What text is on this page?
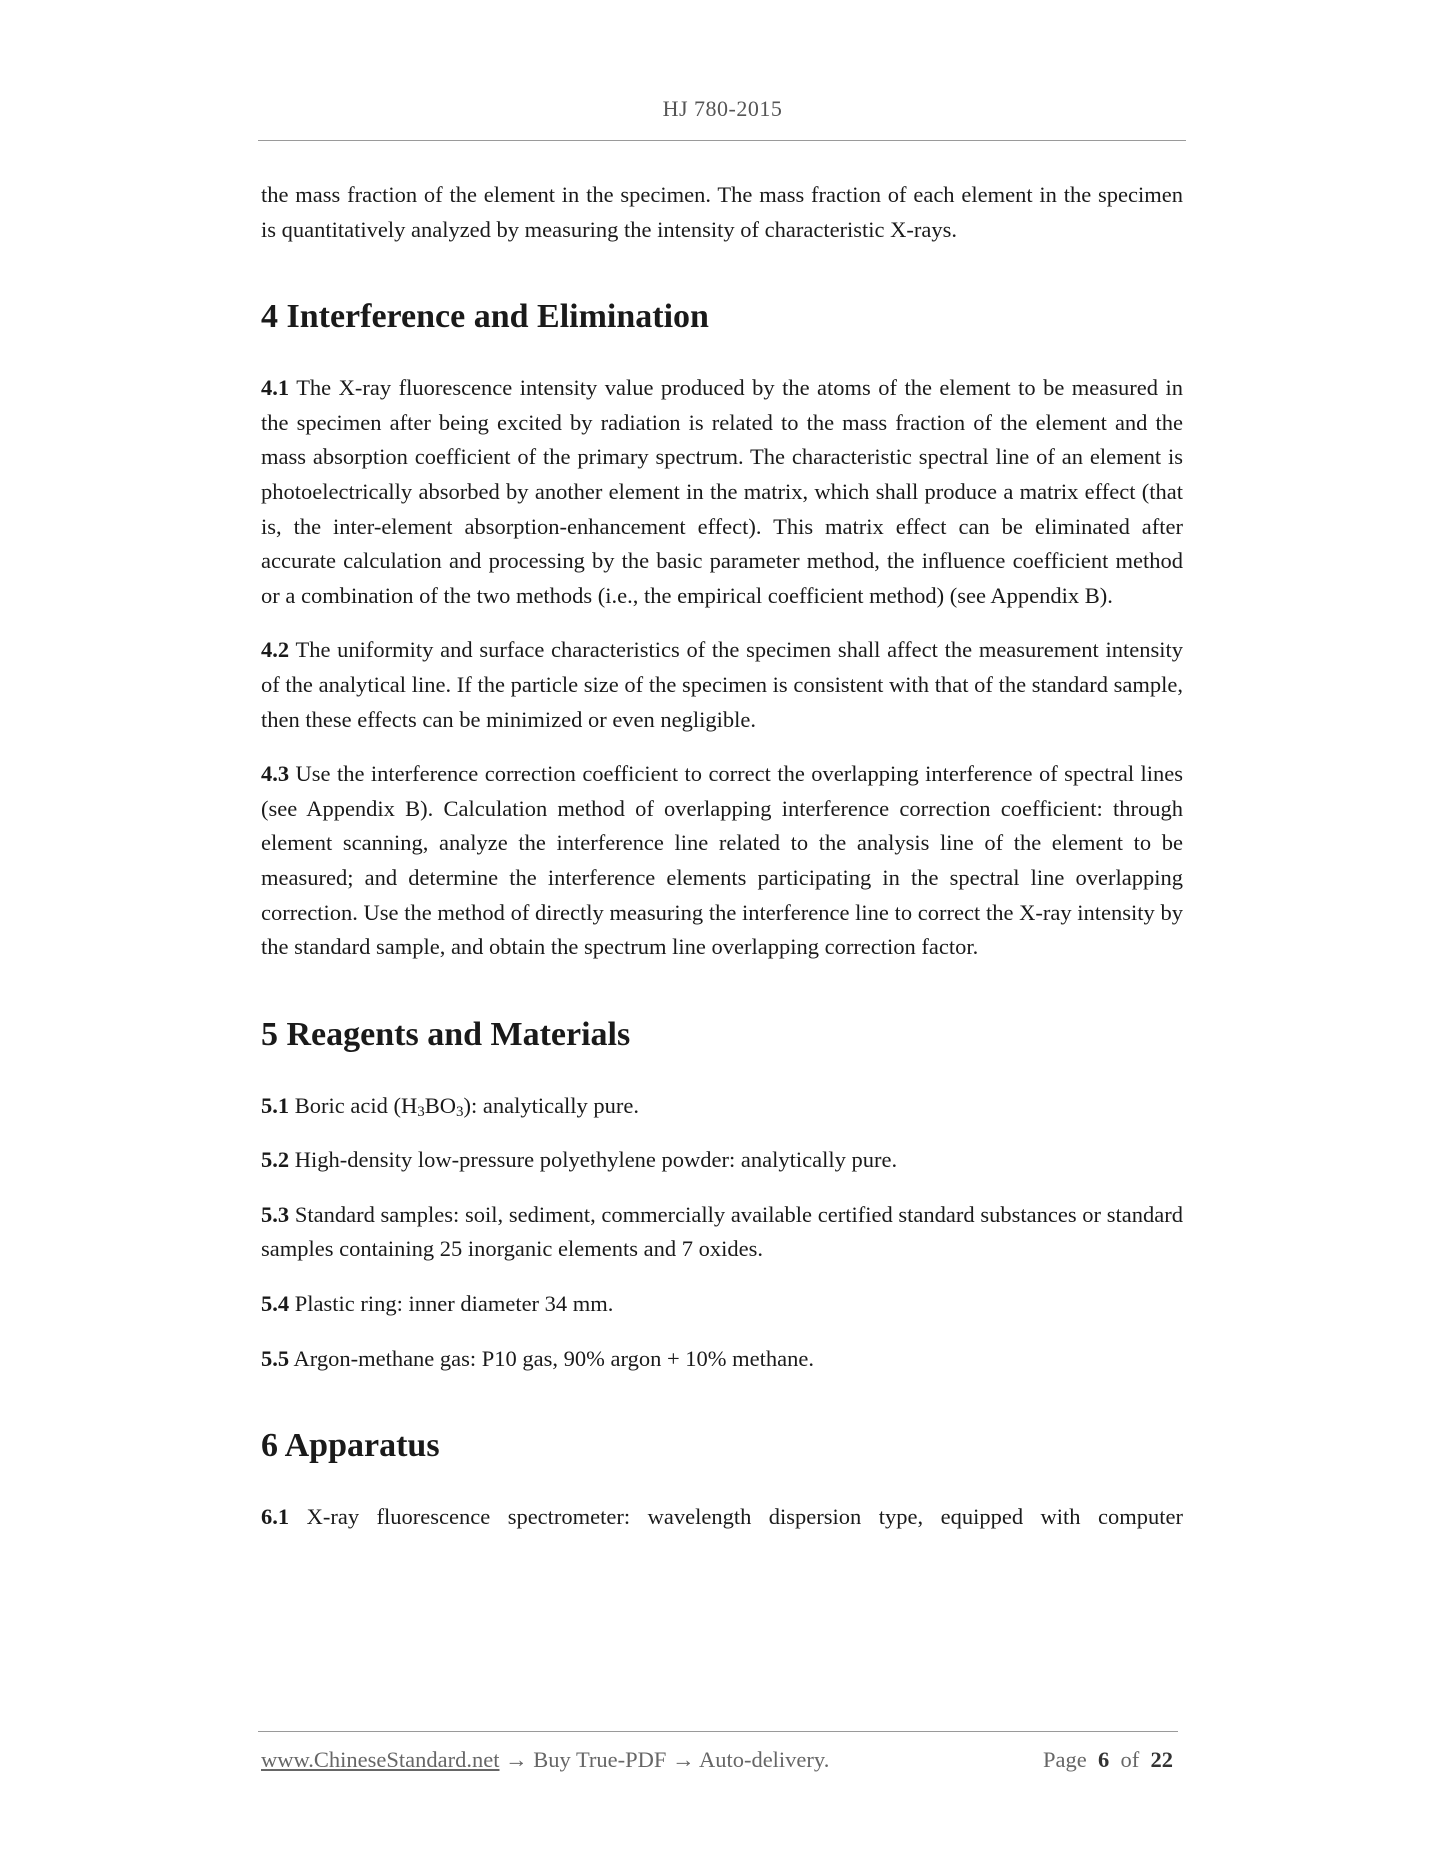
HJ 780-2015

the mass fraction of the element in the specimen. The mass fraction of each element in the specimen is quantitatively analyzed by measuring the intensity of characteristic X-rays.

4 Interference and Elimination

4.1 The X-ray fluorescence intensity value produced by the atoms of the element to be measured in the specimen after being excited by radiation is related to the mass fraction of the element and the mass absorption coefficient of the primary spectrum. The characteristic spectral line of an element is photoelectrically absorbed by another element in the matrix, which shall produce a matrix effect (that is, the inter-element absorption-enhancement effect). This matrix effect can be eliminated after accurate calculation and processing by the basic parameter method, the influence coefficient method or a combination of the two methods (i.e., the empirical coefficient method) (see Appendix B).

4.2 The uniformity and surface characteristics of the specimen shall affect the measurement intensity of the analytical line. If the particle size of the specimen is consistent with that of the standard sample, then these effects can be minimized or even negligible.

4.3 Use the interference correction coefficient to correct the overlapping interference of spectral lines (see Appendix B). Calculation method of overlapping interference correction coefficient: through element scanning, analyze the interference line related to the analysis line of the element to be measured; and determine the interference elements participating in the spectral line overlapping correction. Use the method of directly measuring the interference line to correct the X-ray intensity by the standard sample, and obtain the spectrum line overlapping correction factor.

5 Reagents and Materials

5.1 Boric acid $(H_3BO_3)$: analytically pure.

5.2 High-density low-pressure polyethylene powder: analytically pure.

5.3 Standard samples: soil, sediment, commercially available certified standard substances or standard samples containing 25 inorganic elements and 7 oxides.

5.4 Plastic ring: inner diameter 34 mm.

5.5 Argon-methane gas: P10 gas, 90% argon + 10% methane.

6 Apparatus

6.1 X-ray fluorescence spectrometer: wavelength dispersion type, equipped with computer

www.ChineseStandard.net → Buy True-PDF → Auto-delivery.	Page 6 of 22
